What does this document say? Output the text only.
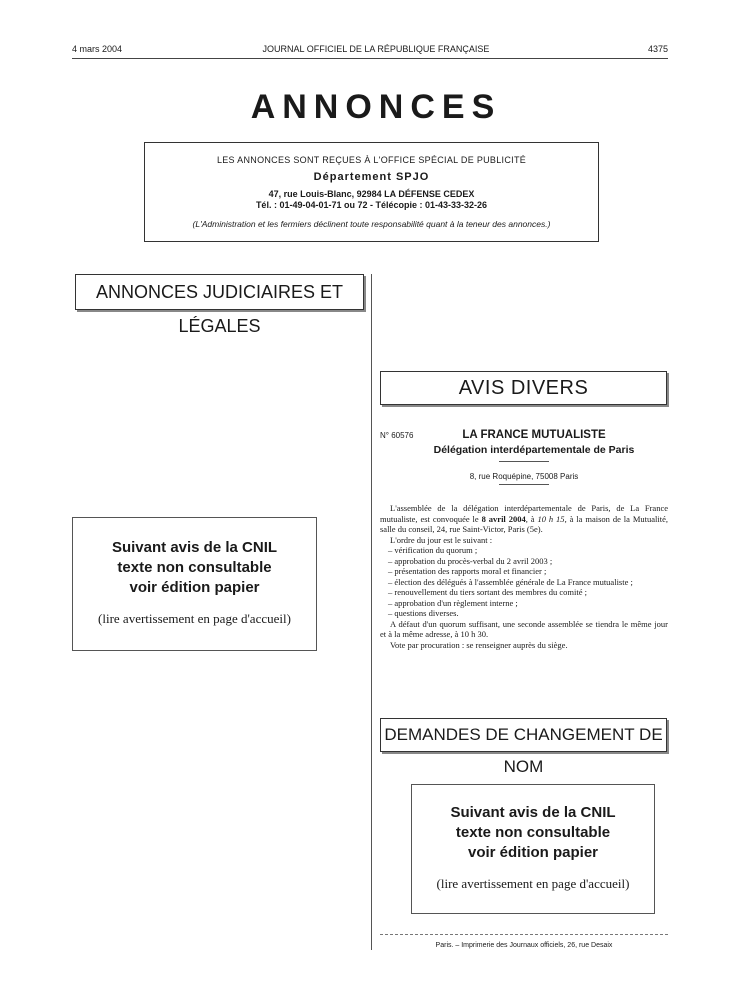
4 mars 2004	JOURNAL OFFICIEL DE LA RÉPUBLIQUE FRANÇAISE	4375
ANNONCES
LES ANNONCES SONT REÇUES À L'OFFICE SPÉCIAL DE PUBLICITÉ
Département SPJO
47, rue Louis-Blanc, 92984 LA DÉFENSE CEDEX
Tél. : 01-49-04-01-71 ou 72 - Télécopie : 01-43-33-32-26
(L'Administration et les fermiers déclinent toute responsabilité quant à la teneur des annonces.)
ANNONCES JUDICIAIRES ET LÉGALES
Suivant avis de la CNIL
texte non consultable
voir édition papier
(lire avertissement en page d'accueil)
AVIS DIVERS
N° 60576	LA FRANCE MUTUALISTE
Délégation interdépartementale de Paris
8, rue Roquépine, 75008 Paris

L'assemblée de la délégation interdépartementale de Paris, de La France mutualiste, est convoquée le 8 avril 2004, à 10 h 15, à la maison de la Mutualité, salle du conseil, 24, rue Saint-Victor, Paris (5e).

L'ordre du jour est le suivant :

– vérification du quorum ;
– approbation du procès-verbal du 2 avril 2003 ;
– présentation des rapports moral et financier ;
– élection des délégués à l'assemblée générale de La France mutualiste ;
– renouvellement du tiers sortant des membres du comité ;
– approbation d'un règlement interne ;
– questions diverses.

A défaut d'un quorum suffisant, une seconde assemblée se tiendra le même jour et à la même adresse, à 10 h 30.

Vote par procuration : se renseigner auprès du siège.

DEMANDES DE CHANGEMENT DE NOM
Suivant avis de la CNIL
texte non consultable
voir édition papier
(lire avertissement en page d'accueil)
Paris. – Imprimerie des Journaux officiels, 26, rue Desaix
